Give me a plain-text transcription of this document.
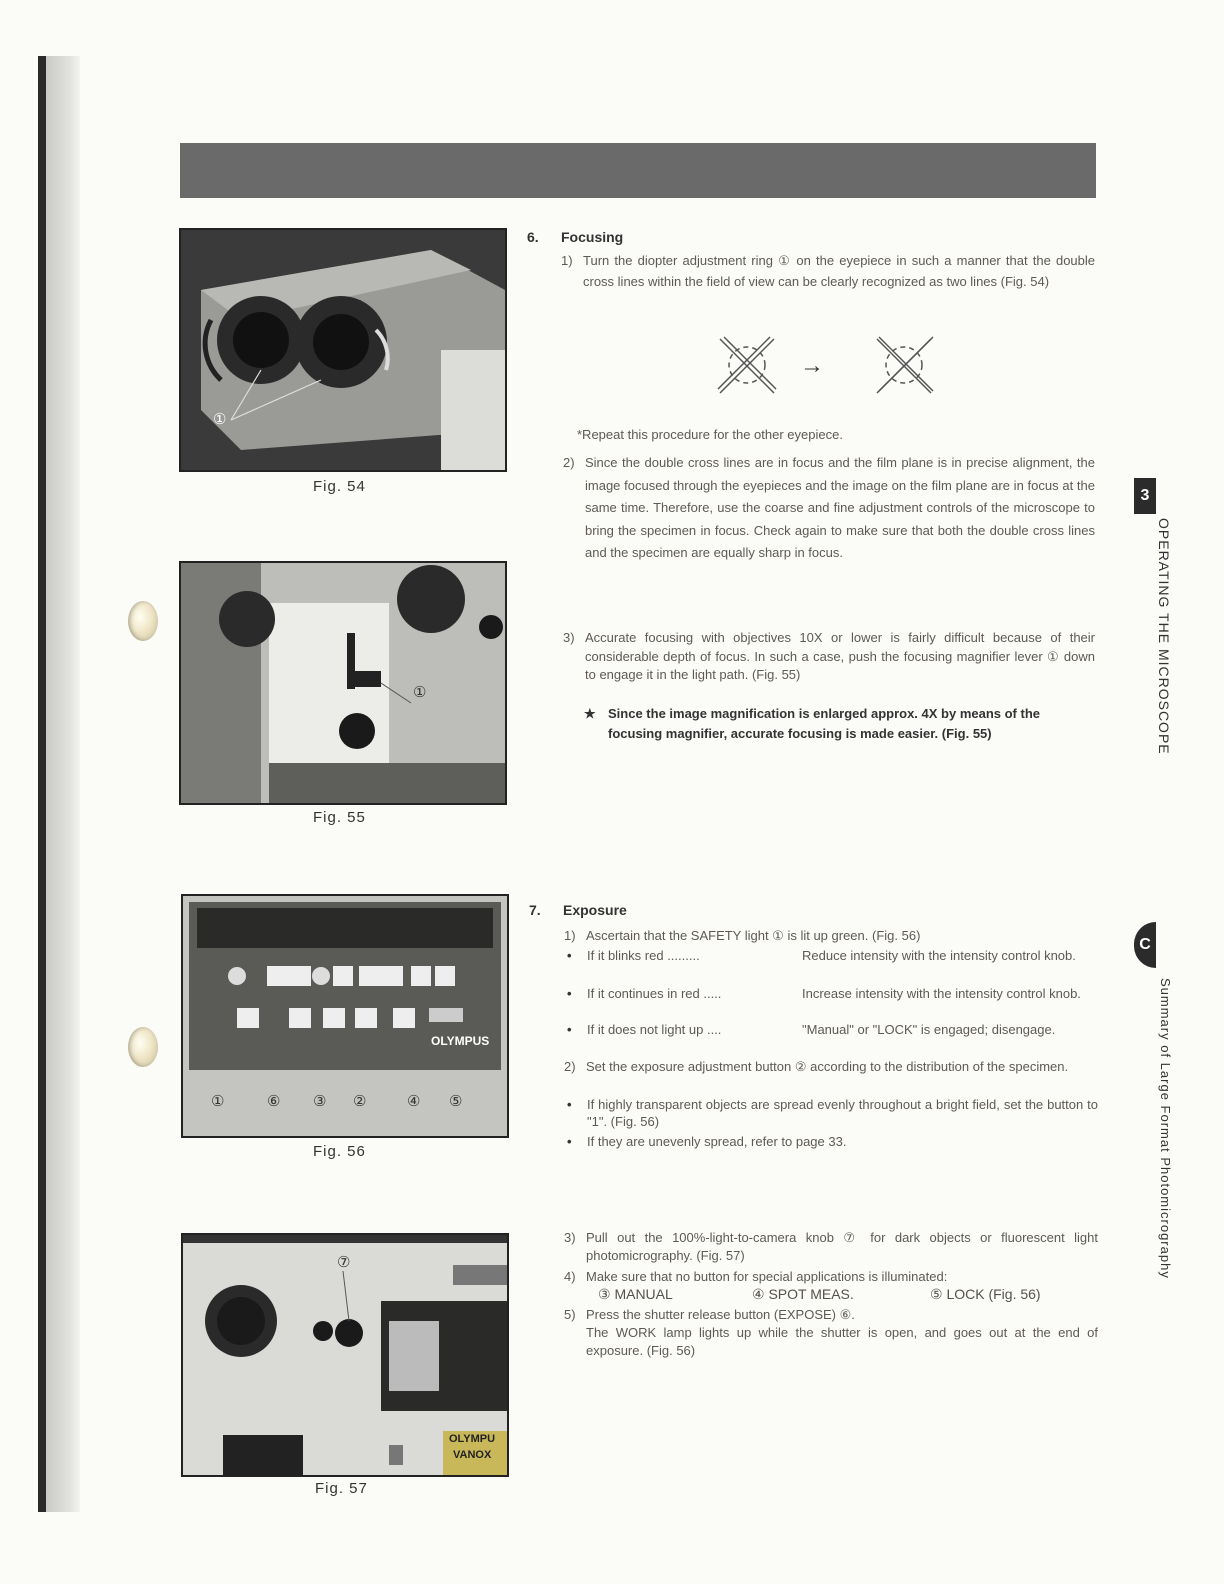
①
Fig. 54
①
Fig. 55
OLYMPUS
①	⑥ ③ ②	④ ⑤
Fig. 56
⑦
OLYMPU
VANOX
Fig. 57
6. Focusing
1) Turn the diopter adjustment ring ① on the eyepiece in such a manner that the double cross lines within the field of view can be clearly recognized as two lines (Fig. 54)
→
*Repeat this procedure for the other eyepiece.
2) Since the double cross lines are in focus and the film plane is in precise alignment, the image focused through the eyepieces and the image on the film plane are in focus at the same time. Therefore, use the coarse and fine adjustment controls of the microscope to bring the specimen in focus. Check again to make sure that both the double cross lines and the specimen are equally sharp in focus.
3) Accurate focusing with objectives 10X or lower is fairly difficult because of their considerable depth of focus. In such a case, push the focusing magnifier lever ① down to engage it in the light path. (Fig. 55)
★ Since the image magnification is enlarged approx. 4X by means of the focusing magnifier, accurate focusing is made easier. (Fig. 55)
7. Exposure
1) Ascertain that the SAFETY light ① is lit up green. (Fig. 56)
• If it blinks red .........	Reduce intensity with the intensity control knob.
• If it continues in red .....	Increase intensity with the intensity control knob.
• If it does not light up ....	"Manual" or "LOCK" is engaged; disengage.
2) Set the exposure adjustment button ② according to the distribution of the specimen.
• If highly transparent objects are spread evenly throughout a bright field, set the button to "1". (Fig. 56)
• If they are unevenly spread, refer to page 33.
3) Pull out the 100%-light-to-camera knob ⑦ for dark objects or fluorescent light photomicrography. (Fig. 57)
4) Make sure that no button for special applications is illuminated:
③ MANUAL	④ SPOT MEAS.	⑤ LOCK (Fig. 56)
5) Press the shutter release button (EXPOSE) ⑥.
The WORK lamp lights up while the shutter is open, and goes out at the end of exposure. (Fig. 56)
3
OPERATING THE MICROSCOPE
C
Summary of Large Format Photomicrography
